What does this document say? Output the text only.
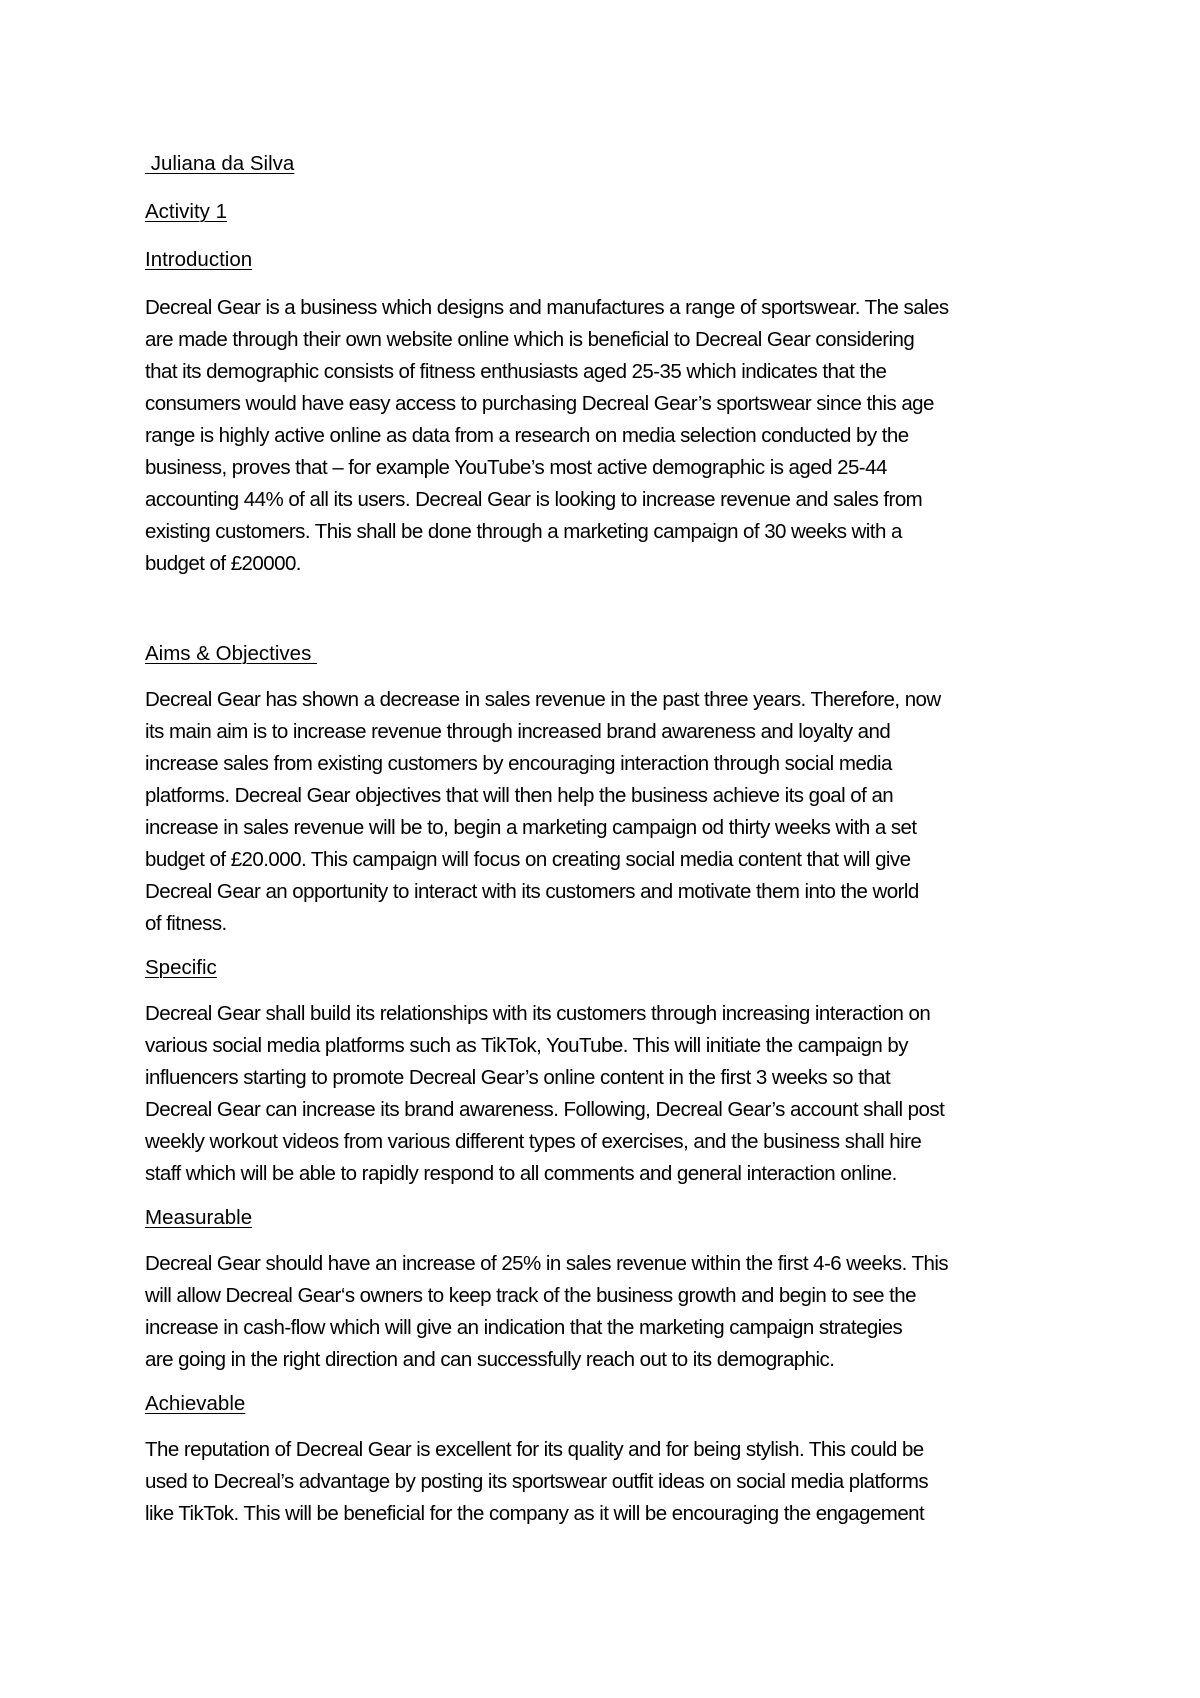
Juliana da Silva
Activity 1
Introduction

Decreal Gear is a business which designs and manufactures a range of sportswear. The sales
are made through their own website online which is beneficial to Decreal Gear considering
that its demographic consists of fitness enthusiasts aged 25-35 which indicates that the
consumers would have easy access to purchasing Decreal Gear’s sportswear since this age
range is highly active online as data from a research on media selection conducted by the
business, proves that – for example YouTube’s most active demographic is aged 25-44
accounting 44% of all its users. Decreal Gear is looking to increase revenue and sales from
existing customers. This shall be done through a marketing campaign of 30 weeks with a
budget of £20000.

Aims & Objectives

Decreal Gear has shown a decrease in sales revenue in the past three years. Therefore, now
its main aim is to increase revenue through increased brand awareness and loyalty and
increase sales from existing customers by encouraging interaction through social media
platforms. Decreal Gear objectives that will then help the business achieve its goal of an
increase in sales revenue will be to, begin a marketing campaign od thirty weeks with a set
budget of £20.000. This campaign will focus on creating social media content that will give
Decreal Gear an opportunity to interact with its customers and motivate them into the world
of fitness.

Specific

Decreal Gear shall build its relationships with its customers through increasing interaction on
various social media platforms such as TikTok, YouTube. This will initiate the campaign by
influencers starting to promote Decreal Gear’s online content in the first 3 weeks so that
Decreal Gear can increase its brand awareness. Following, Decreal Gear’s account shall post
weekly workout videos from various different types of exercises, and the business shall hire
staff which will be able to rapidly respond to all comments and general interaction online.

Measurable

Decreal Gear should have an increase of 25% in sales revenue within the first 4-6 weeks. This
will allow Decreal Gear‘s owners to keep track of the business growth and begin to see the
increase in cash-flow which will give an indication that the marketing campaign strategies
are going in the right direction and can successfully reach out to its demographic.

Achievable

The reputation of Decreal Gear is excellent for its quality and for being stylish. This could be
used to Decreal’s advantage by posting its sportswear outfit ideas on social media platforms
like TikTok. This will be beneficial for the company as it will be encouraging the engagement
